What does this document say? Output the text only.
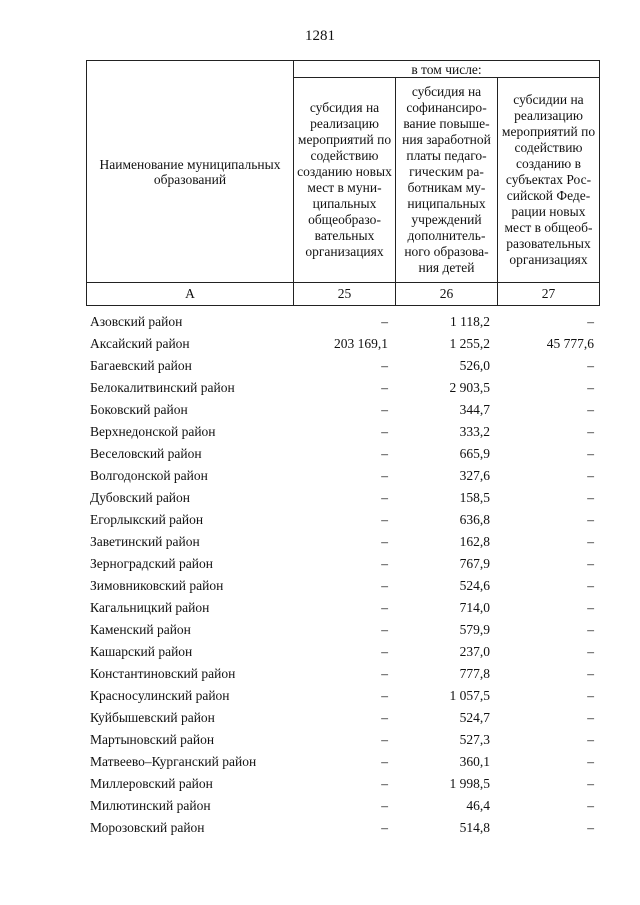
1281
Наименование муниципальных образований	в том числе:		
	субсидия на реализацию мероприятий по содействию созданию новых мест в муниципальных общеобразовательных организациях	субсидия на софинансирование повышения заработной платы педагогическим работникам муниципальных учреждений дополнительного образования детей	субсидии на реализацию мероприятий по содействию созданию в субъектах Российской Федерации новых мест в общеобразовательных организациях
А	25	26	27
Азовский район	–	1 118,2	–
Аксайский район	203 169,1	1 255,2	45 777,6
Багаевский район	–	526,0	–
Белокалитвинский район	–	2 903,5	–
Боковский район	–	344,7	–
Верхнедонской район	–	333,2	–
Веселовский район	–	665,9	–
Волгодонской район	–	327,6	–
Дубовский район	–	158,5	–
Егорлыкский район	–	636,8	–
Заветинский район	–	162,8	–
Зерноградский район	–	767,9	–
Зимовниковский район	–	524,6	–
Кагальницкий район	–	714,0	–
Каменский район	–	579,9	–
Кашарский район	–	237,0	–
Константиновский район	–	777,8	–
Красносулинский район	–	1 057,5	–
Куйбышевский район	–	524,7	–
Мартыновский район	–	527,3	–
Матвеево–Курганский район	–	360,1	–
Миллеровский район	–	1 998,5	–
Милютинский район	–	46,4	–
Морозовский район	–	514,8	–
